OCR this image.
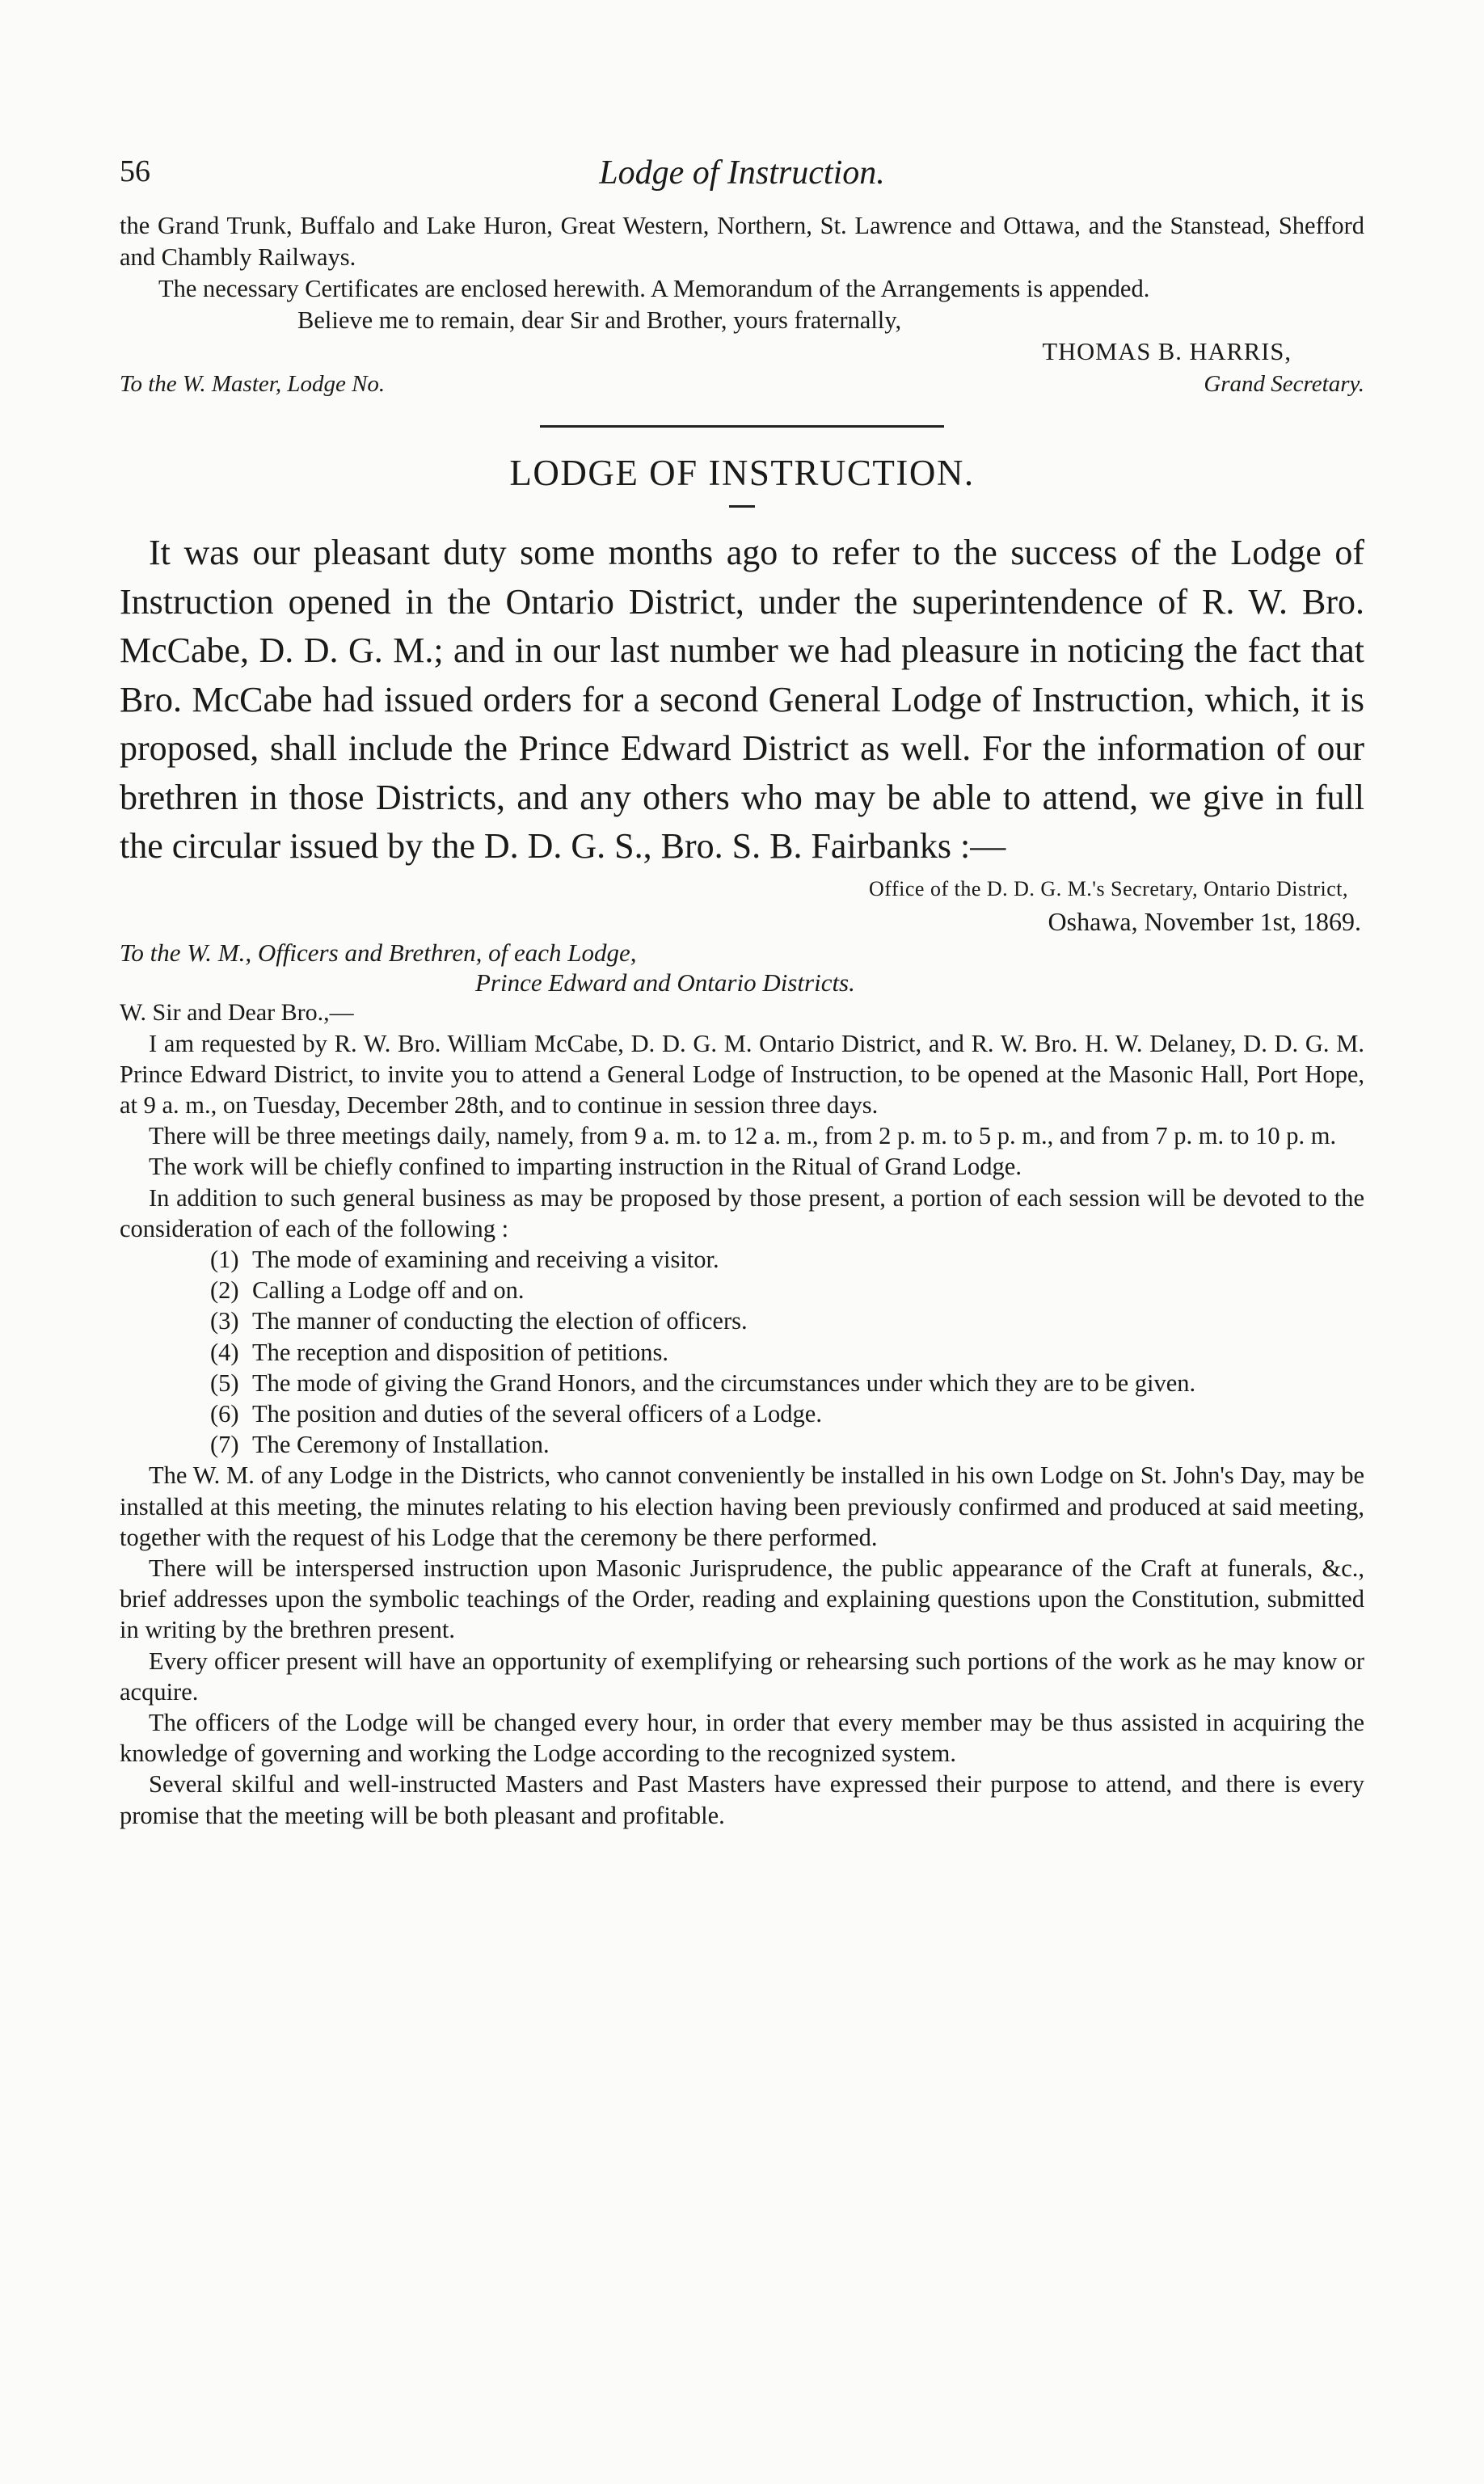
56	Lodge of Instruction.

the Grand Trunk, Buffalo and Lake Huron, Great Western, Northern, St. Lawrence and Ottawa, and the Stanstead, Shefford and Chambly Railways.

The necessary Certificates are enclosed herewith. A Memorandum of the Arrangements is appended.

Believe me to remain, dear Sir and Brother, yours fraternally,

THOMAS B. HARRIS,

To the W. Master, Lodge No.	Grand Secretary.
LODGE OF INSTRUCTION.

It was our pleasant duty some months ago to refer to the success of the Lodge of Instruction opened in the Ontario District, under the superintendence of R. W. Bro. McCabe, D. D. G. M.; and in our last number we had pleasure in noticing the fact that Bro. McCabe had issued orders for a second General Lodge of Instruction, which, it is proposed, shall include the Prince Edward District as well. For the information of our brethren in those Districts, and any others who may be able to attend, we give in full the circular issued by the D. D. G. S., Bro. S. B. Fairbanks :—

Office of the D. D. G. M.'s Secretary, Ontario District,
Oshawa, November 1st, 1869.
To the W. M., Officers and Brethren, of each Lodge,
Prince Edward and Ontario Districts.
W. Sir and Dear Bro.,—

I am requested by R. W. Bro. William McCabe, D. D. G. M. Ontario District, and R. W. Bro. H. W. Delaney, D. D. G. M. Prince Edward District, to invite you to attend a General Lodge of Instruction, to be opened at the Masonic Hall, Port Hope, at 9 a. m., on Tuesday, December 28th, and to continue in session three days.

There will be three meetings daily, namely, from 9 a. m. to 12 a. m., from 2 p. m. to 5 p. m., and from 7 p. m. to 10 p. m.

The work will be chiefly confined to imparting instruction in the Ritual of Grand Lodge.

In addition to such general business as may be proposed by those present, a portion of each session will be devoted to the consideration of each of the following :

(1) The mode of examining and receiving a visitor.
(2) Calling a Lodge off and on.
(3) The manner of conducting the election of officers.
(4) The reception and disposition of petitions.
(5) The mode of giving the Grand Honors, and the circumstances under which they are to be given.
(6) The position and duties of the several officers of a Lodge.
(7) The Ceremony of Installation.

The W. M. of any Lodge in the Districts, who cannot conveniently be installed in his own Lodge on St. John's Day, may be installed at this meeting, the minutes relating to his election having been previously confirmed and produced at said meeting, together with the request of his Lodge that the ceremony be there performed.

There will be interspersed instruction upon Masonic Jurisprudence, the public appearance of the Craft at funerals, &c., brief addresses upon the symbolic teachings of the Order, reading and explaining questions upon the Constitution, submitted in writing by the brethren present.

Every officer present will have an opportunity of exemplifying or rehearsing such portions of the work as he may know or acquire.

The officers of the Lodge will be changed every hour, in order that every member may be thus assisted in acquiring the knowledge of governing and working the Lodge according to the recognized system.

Several skilful and well-instructed Masters and Past Masters have expressed their purpose to attend, and there is every promise that the meeting will be both pleasant and profitable.
